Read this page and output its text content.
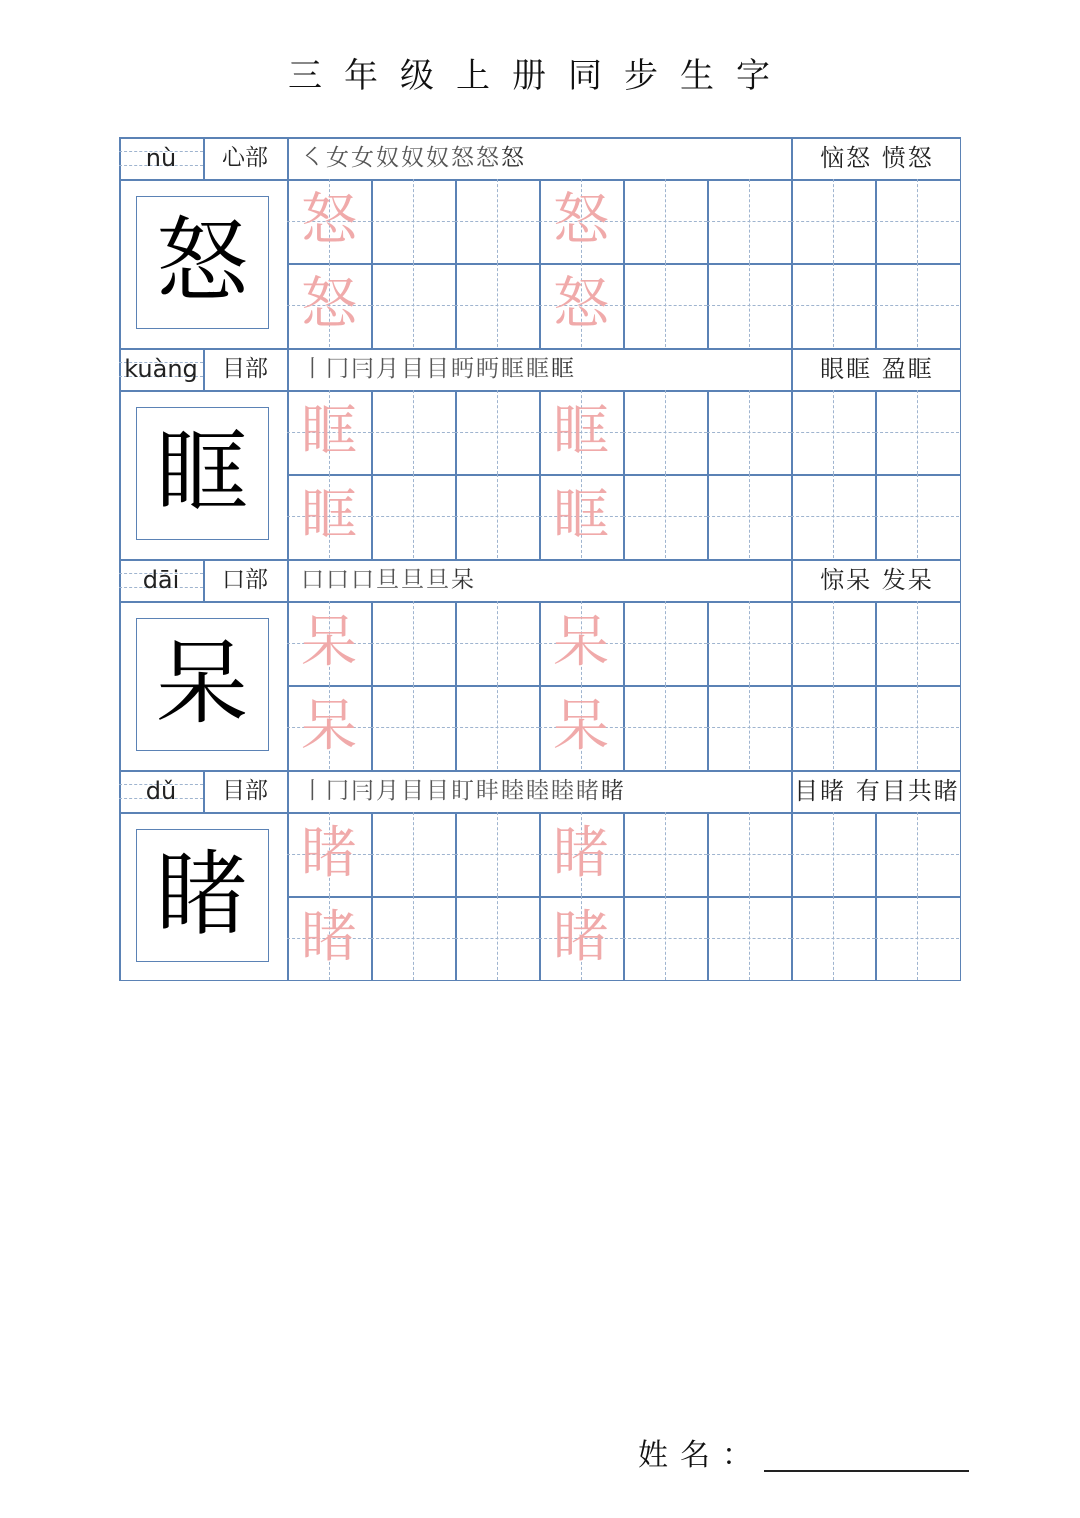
三年级上册同步生字
nù	心部	㇛ 女 女 奴 奴 奴 怒 怒 怒	恼怒 愤怒
怒 怒
怒
怒
怒
kuàng	目部	丨 冂 冃 月 目 目 眄 眄 眶 眶 眶	眼眶 盈眶
眶 眶
眶
眶
眶
dāi	口部	口 口 口 旦 旦 旦 呆	惊呆 发呆
呆 呆
呆
呆
呆
dǔ	目部	丨 冂 冃 月 目 目 盯 盽 睦 睦 睦 睹 睹	目睹 有目共睹
睹 睹
睹
睹
睹
姓名：
